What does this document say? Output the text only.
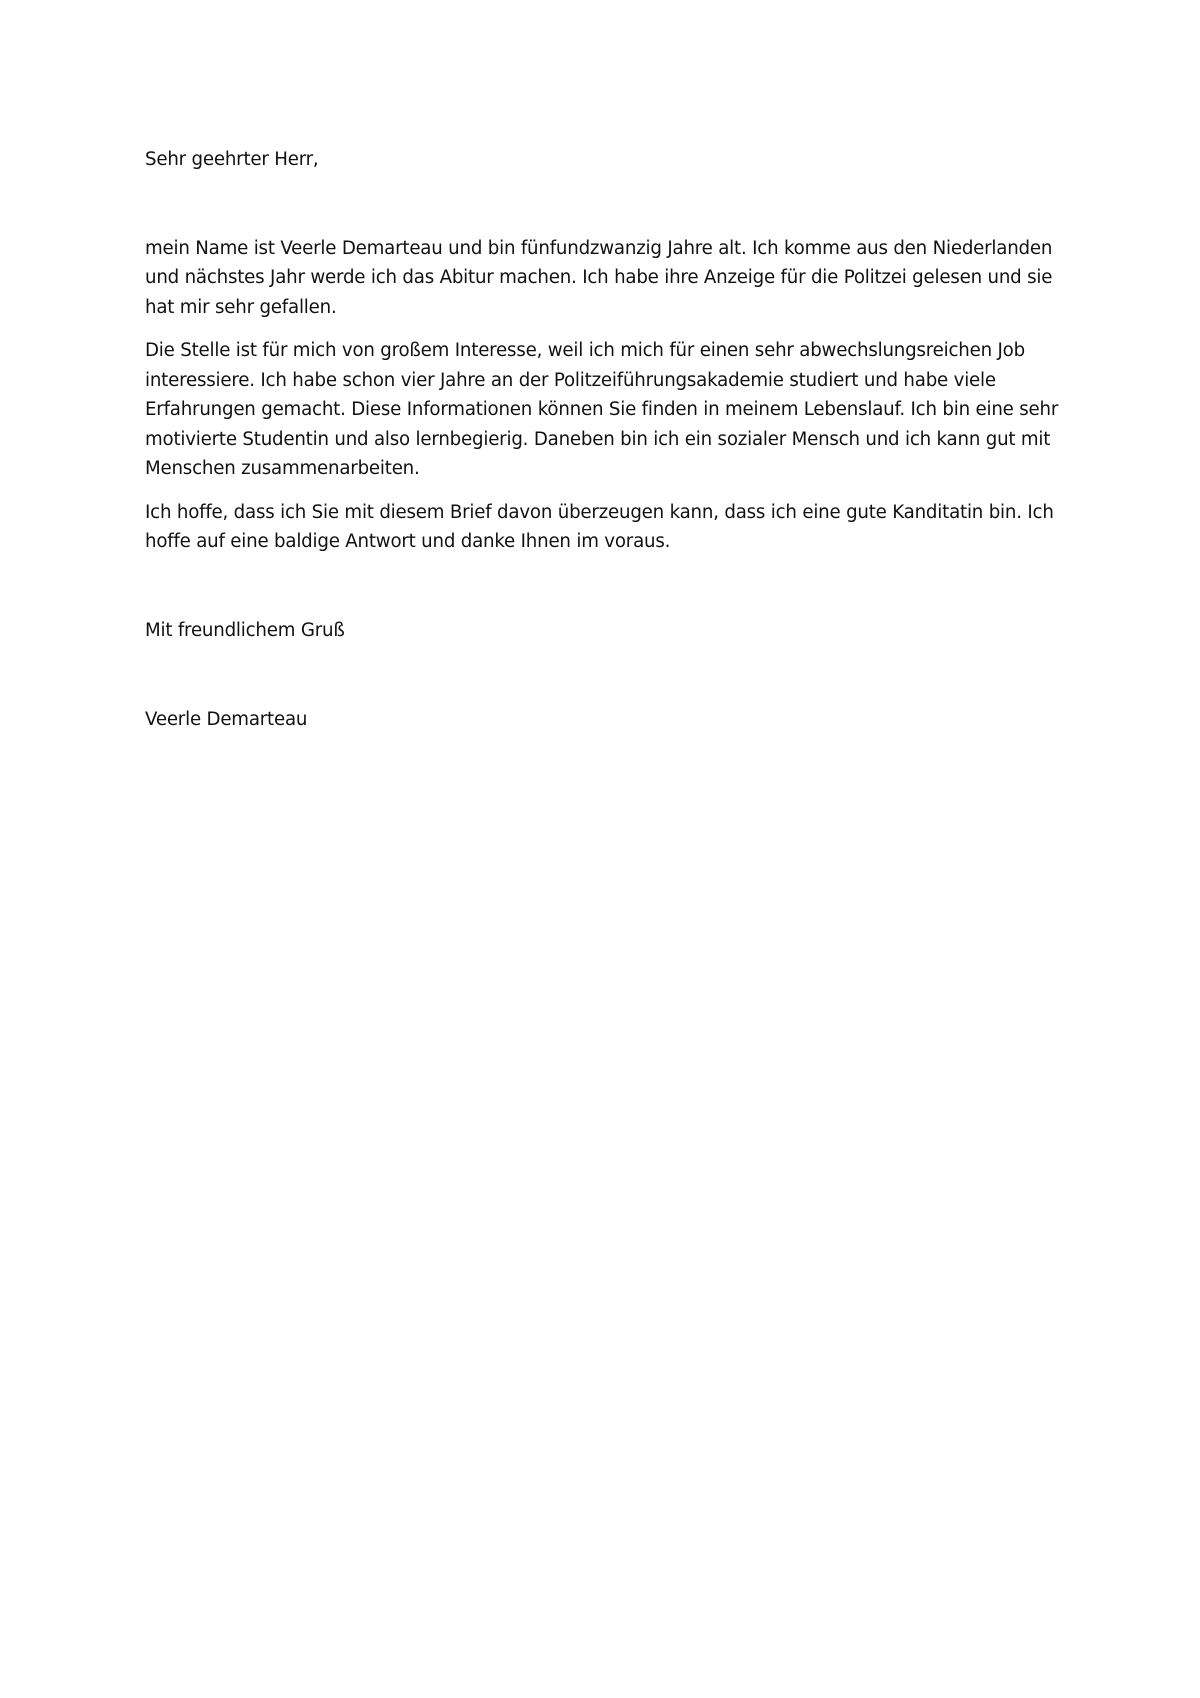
Sehr geehrter Herr,

mein Name ist Veerle Demarteau und bin fünfundzwanzig Jahre alt. Ich komme aus den Niederlanden und nächstes Jahr werde ich das Abitur machen. Ich habe ihre Anzeige für die Politzei gelesen und sie hat mir sehr gefallen.

Die Stelle ist für mich von großem Interesse, weil ich mich für einen sehr abwechslungsreichen Job interessiere. Ich habe schon vier Jahre an der Politzeiführungsakademie studiert und habe viele Erfahrungen gemacht. Diese Informationen können Sie finden in meinem Lebenslauf. Ich bin eine sehr motivierte Studentin und also lernbegierig. Daneben bin ich ein sozialer Mensch und ich kann gut mit Menschen zusammenarbeiten.

Ich hoffe, dass ich Sie mit diesem Brief davon überzeugen kann, dass ich eine gute Kanditatin bin. Ich hoffe auf eine baldige Antwort und danke Ihnen im voraus.

Mit freundlichem Gruß

Veerle Demarteau
